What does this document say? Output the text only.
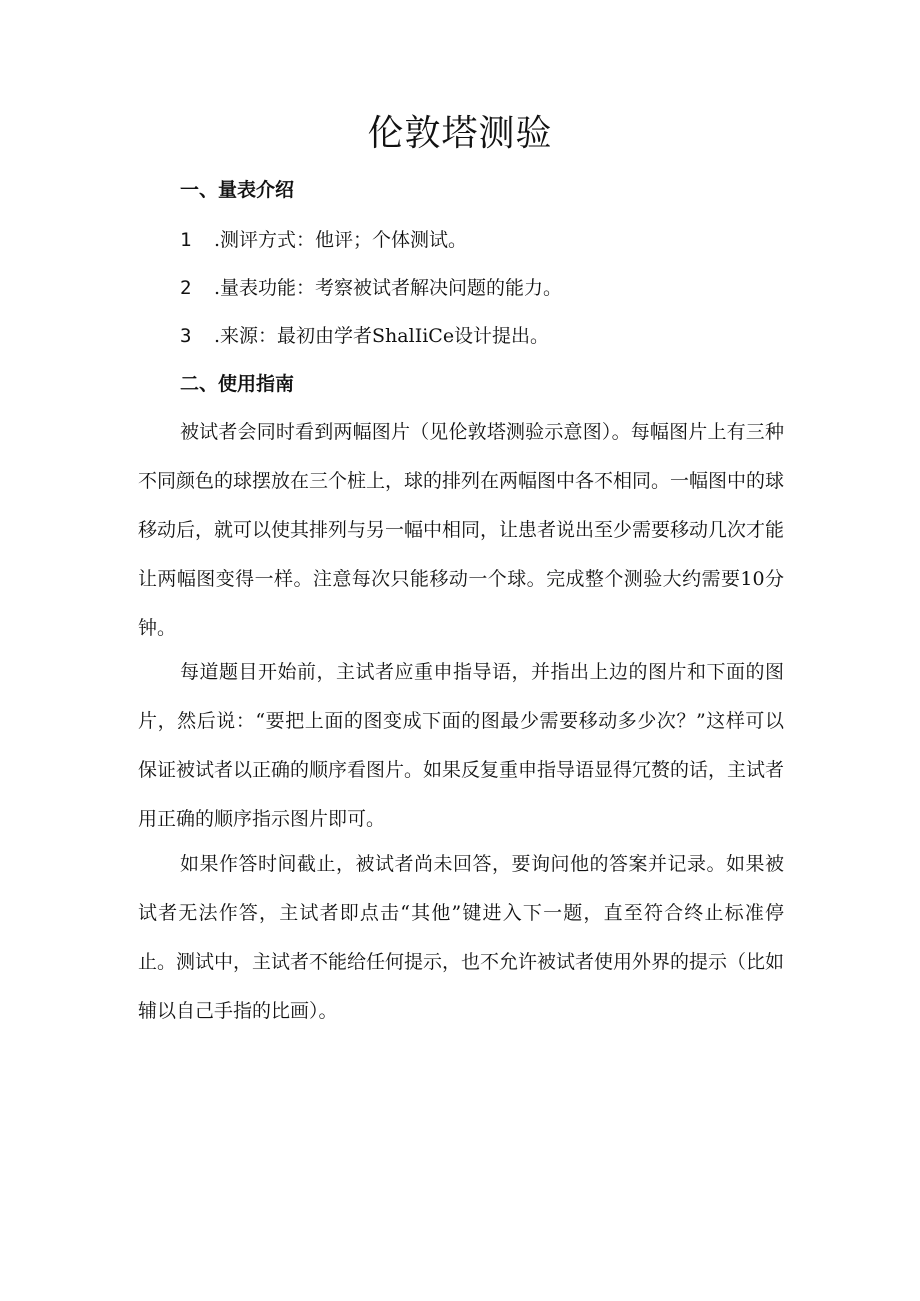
伦敦塔测验
一、量表介绍
1 .测评方式：他评；个体测试。
2 .量表功能：考察被试者解决问题的能力。
3 .来源：最初由学者ShalIiCe设计提出。
二、使用指南

被试者会同时看到两幅图片（见伦敦塔测验示意图）。每幅图片上有三种不同颜色的球摆放在三个桩上，球的排列在两幅图中各不相同。一幅图中的球移动后，就可以使其排列与另一幅中相同，让患者说出至少需要移动几次才能让两幅图变得一样。注意每次只能移动一个球。完成整个测验大约需要10分钟。

每道题目开始前，主试者应重申指导语，并指出上边的图片和下面的图片，然后说：“要把上面的图变成下面的图最少需要移动多少次？”这样可以保证被试者以正确的顺序看图片。如果反复重申指导语显得冗赘的话，主试者用正确的顺序指示图片即可。

如果作答时间截止，被试者尚未回答，要询问他的答案并记录。如果被试者无法作答，主试者即点击“其他”键进入下一题，直至符合终止标准停止。测试中，主试者不能给任何提示，也不允许被试者使用外界的提示（比如辅以自己手指的比画）。
